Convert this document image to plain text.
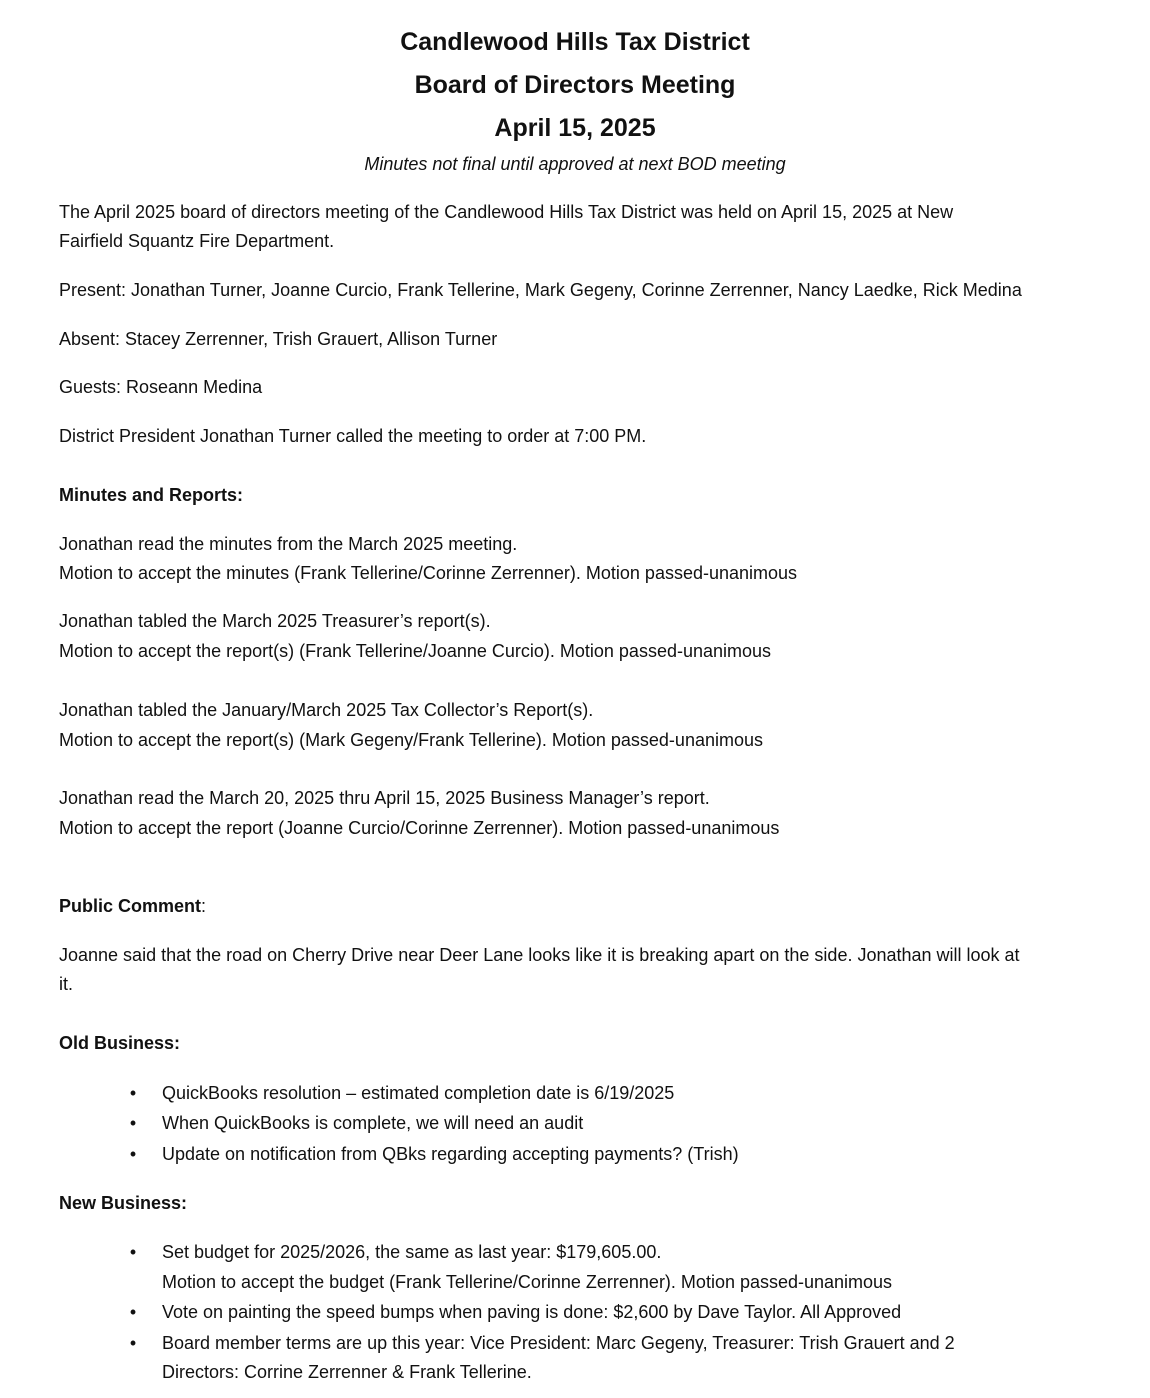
Candlewood Hills Tax District
Board of Directors Meeting
April 15, 2025
Minutes not final until approved at next BOD meeting
The April 2025 board of directors meeting of the Candlewood Hills Tax District was held on April 15, 2025 at New
Fairfield Squantz Fire Department.
Present: Jonathan Turner, Joanne Curcio, Frank Tellerine, Mark Gegeny, Corinne Zerrenner, Nancy Laedke, Rick Medina
Absent: Stacey Zerrenner, Trish Grauert, Allison Turner
Guests: Roseann Medina
District President Jonathan Turner called the meeting to order at 7:00 PM.
Minutes and Reports:
Jonathan read the minutes from the March 2025 meeting.
Motion to accept the minutes (Frank Tellerine/Corinne Zerrenner). Motion passed-unanimous
Jonathan tabled the March 2025 Treasurer’s report(s).
Motion to accept the report(s) (Frank Tellerine/Joanne Curcio). Motion passed-unanimous
Jonathan tabled the January/March 2025 Tax Collector’s Report(s).
Motion to accept the report(s) (Mark Gegeny/Frank Tellerine). Motion passed-unanimous
Jonathan read the March 20, 2025 thru April 15, 2025 Business Manager’s report.
Motion to accept the report (Joanne Curcio/Corinne Zerrenner). Motion passed-unanimous
Public Comment:
Joanne said that the road on Cherry Drive near Deer Lane looks like it is breaking apart on the side. Jonathan will look at
it.
Old Business:
• QuickBooks resolution – estimated completion date is 6/19/2025
• When QuickBooks is complete, we will need an audit
• Update on notification from QBks regarding accepting payments? (Trish)
New Business:
• Set budget for 2025/2026, the same as last year: $179,605.00.
Motion to accept the budget (Frank Tellerine/Corinne Zerrenner). Motion passed-unanimous
• Vote on painting the speed bumps when paving is done: $2,600 by Dave Taylor. All Approved
• Board member terms are up this year: Vice President: Marc Gegeny, Treasurer: Trish Grauert and 2
Directors: Corrine Zerrenner & Frank Tellerine.
